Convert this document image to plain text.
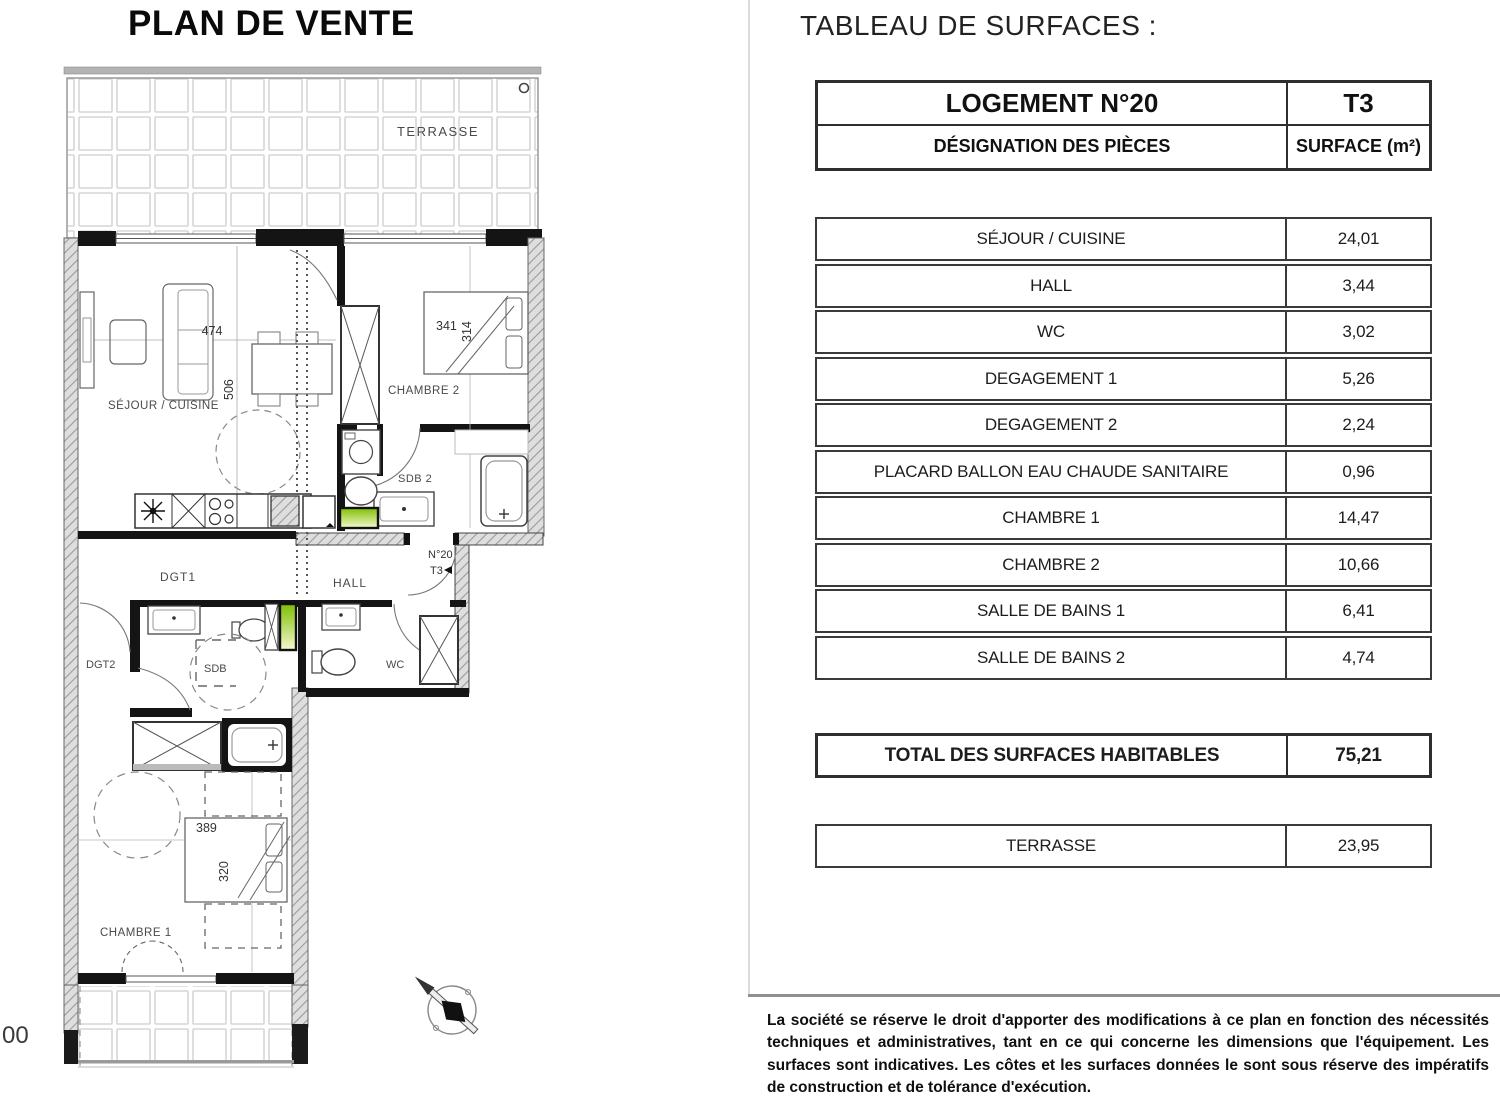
PLAN DE VENTE
00
TERRASSE
474
506
SÉJOUR / CUISINE
341 314
CHAMBRE 2
SDB 2
DGT1	HALL
N°20
T3
WC
SDB
DGT2
389
320
CHAMBRE 1
TABLEAU DE SURFACES :
LOGEMENT N°20	T3
DÉSIGNATION DES PIÈCES	SURFACE (m²)
SÉJOUR / CUISINE	24,01
HALL	3,44
WC	3,02
DEGAGEMENT 1	5,26
DEGAGEMENT 2	2,24
PLACARD BALLON EAU CHAUDE SANITAIRE	0,96
CHAMBRE 1	14,47
CHAMBRE 2	10,66
SALLE DE BAINS 1	6,41
SALLE DE BAINS 2	4,74
TOTAL DES SURFACES HABITABLES	75,21
TERRASSE	23,95
La société se réserve le droit d'apporter des modifications à ce plan en fonction des nécessités techniques et administratives, tant en ce qui concerne les dimensions que l'équipement. Les surfaces sont indicatives. Les côtes et les surfaces données le sont sous réserve des impératifs de construction et de tolérance d'exécution.
